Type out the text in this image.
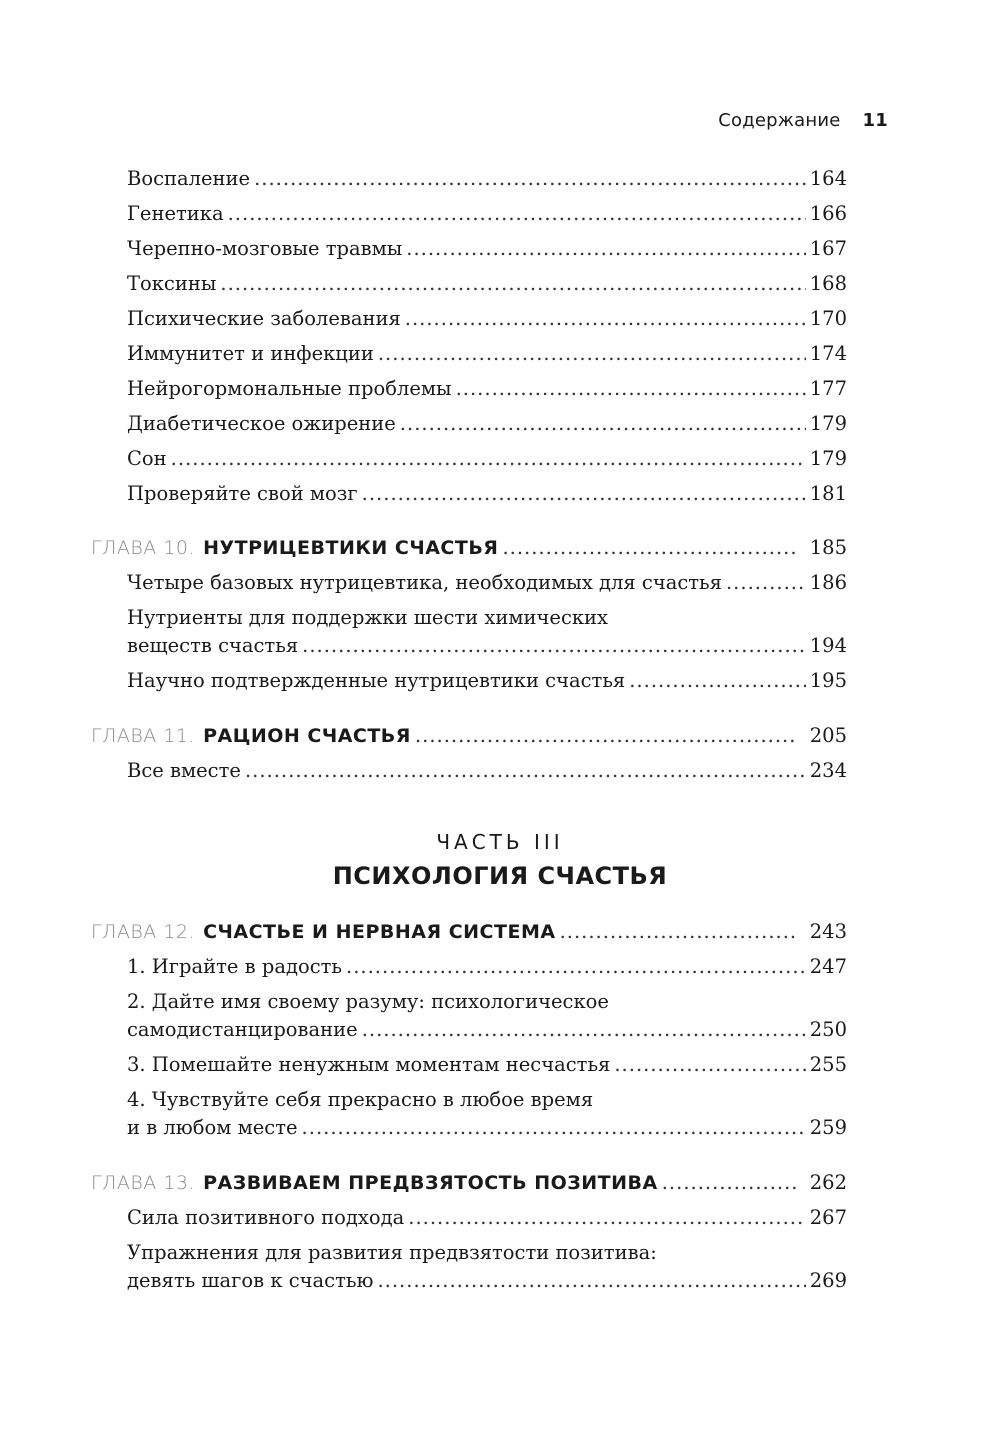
Содержание 11
Воспаление .....	164
Генетика .....	166
Черепно-мозговые травмы .....	167
Токсины .....	168
Психические заболевания .....	170
Иммунитет и инфекции .....	174
Нейрогормональные проблемы .....	177
Диабетическое ожирение .....	179
Сон .....	179
Проверяйте свой мозг .....	181
ГЛАВА 10. НУТРИЦЕВТИКИ СЧАСТЬЯ .....	185
Четыре базовых нутрицевтика, необходимых для счастья .....	186
Нутриенты для поддержки шести химических
веществ счастья .....	194
Научно подтвержденные нутрицевтики счастья .....	195
ГЛАВА 11. РАЦИОН СЧАСТЬЯ .....	205
Все вместе .....	234
ГЛАВА 12. СЧАСТЬЕ И НЕРВНАЯ СИСТЕМА .....	243
1. Играйте в радость .....	247
2. Дайте имя своему разуму: психологическое
самодистанцирование .....	250
3. Помешайте ненужным моментам несчастья .....	255
4. Чувствуйте себя прекрасно в любое время
и в любом месте .....	259
ГЛАВА 13. РАЗВИВАЕМ ПРЕДВЗЯТОСТЬ ПОЗИТИВА .....	262
Сила позитивного подхода .....	267
Упражнения для развития предвзятости позитива:
девять шагов к счастью .....	269
ЧАСТЬ III
ПСИХОЛОГИЯ СЧАСТЬЯ
